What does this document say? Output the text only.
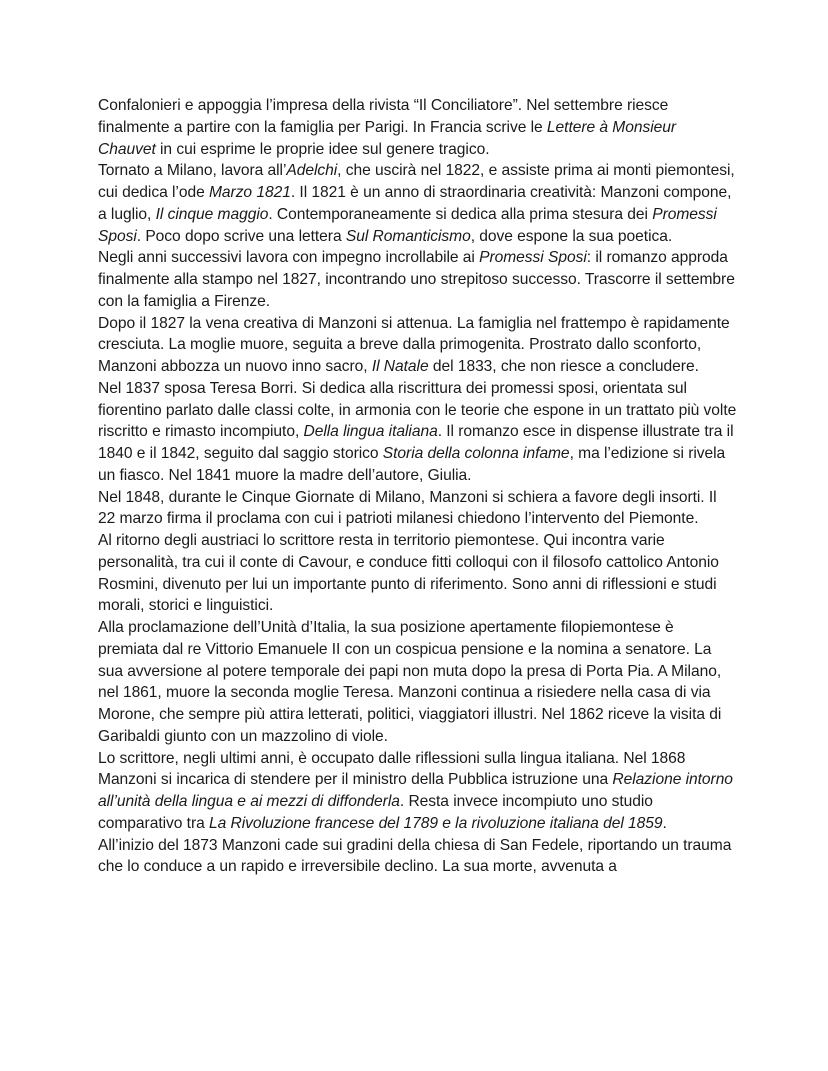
Confalonieri e appoggia l’impresa della rivista “Il Conciliatore”. Nel settembre riesce finalmente a partire con la famiglia per Parigi. In Francia scrive le Lettere à Monsieur Chauvet in cui esprime le proprie idee sul genere tragico.

Tornato a Milano, lavora all’Adelchi, che uscirà nel 1822, e assiste prima ai monti piemontesi, cui dedica l’ode Marzo 1821. Il 1821 è un anno di straordinaria creatività: Manzoni compone, a luglio, Il cinque maggio. Contemporaneamente si dedica alla prima stesura dei Promessi Sposi. Poco dopo scrive una lettera Sul Romanticismo, dove espone la sua poetica.

Negli anni successivi lavora con impegno incrollabile ai Promessi Sposi: il romanzo approda finalmente alla stampo nel 1827, incontrando uno strepitoso successo. Trascorre il settembre con la famiglia a Firenze.

Dopo il 1827 la vena creativa di Manzoni si attenua. La famiglia nel frattempo è rapidamente cresciuta. La moglie muore, seguita a breve dalla primogenita. Prostrato dallo sconforto, Manzoni abbozza un nuovo inno sacro, Il Natale del 1833, che non riesce a concludere.

Nel 1837 sposa Teresa Borri. Si dedica alla riscrittura dei promessi sposi, orientata sul fiorentino parlato dalle classi colte, in armonia con le teorie che espone in un trattato più volte riscritto e rimasto incompiuto, Della lingua italiana. Il romanzo esce in dispense illustrate tra il 1840 e il 1842, seguito dal saggio storico Storia della colonna infame, ma l’edizione si rivela un fiasco. Nel 1841 muore la madre dell’autore, Giulia.

Nel 1848, durante le Cinque Giornate di Milano, Manzoni si schiera a favore degli insorti. Il 22 marzo firma il proclama con cui i patrioti milanesi chiedono l’intervento del Piemonte.

Al ritorno degli austriaci lo scrittore resta in territorio piemontese. Qui incontra varie personalità, tra cui il conte di Cavour, e conduce fitti colloqui con il filosofo cattolico Antonio Rosmini, divenuto per lui un importante punto di riferimento. Sono anni di riflessioni e studi morali, storici e linguistici.

Alla proclamazione dell’Unità d’Italia, la sua posizione apertamente filopiemontese è premiata dal re Vittorio Emanuele II con un cospicua pensione e la nomina a senatore. La sua avversione al potere temporale dei papi non muta dopo la presa di Porta Pia. A Milano, nel 1861, muore la seconda moglie Teresa. Manzoni continua a risiedere nella casa di via Morone, che sempre più attira letterati, politici, viaggiatori illustri. Nel 1862 riceve la visita di Garibaldi giunto con un mazzolino di viole.

Lo scrittore, negli ultimi anni, è occupato dalle riflessioni sulla lingua italiana. Nel 1868 Manzoni si incarica di stendere per il ministro della Pubblica istruzione una Relazione intorno all’unità della lingua e ai mezzi di diffonderla. Resta invece incompiuto uno studio comparativo tra La Rivoluzione francese del 1789 e la rivoluzione italiana del 1859.

All’inizio del 1873 Manzoni cade sui gradini della chiesa di San Fedele, riportando un trauma che lo conduce a un rapido e irreversibile declino. La sua morte, avvenuta a
